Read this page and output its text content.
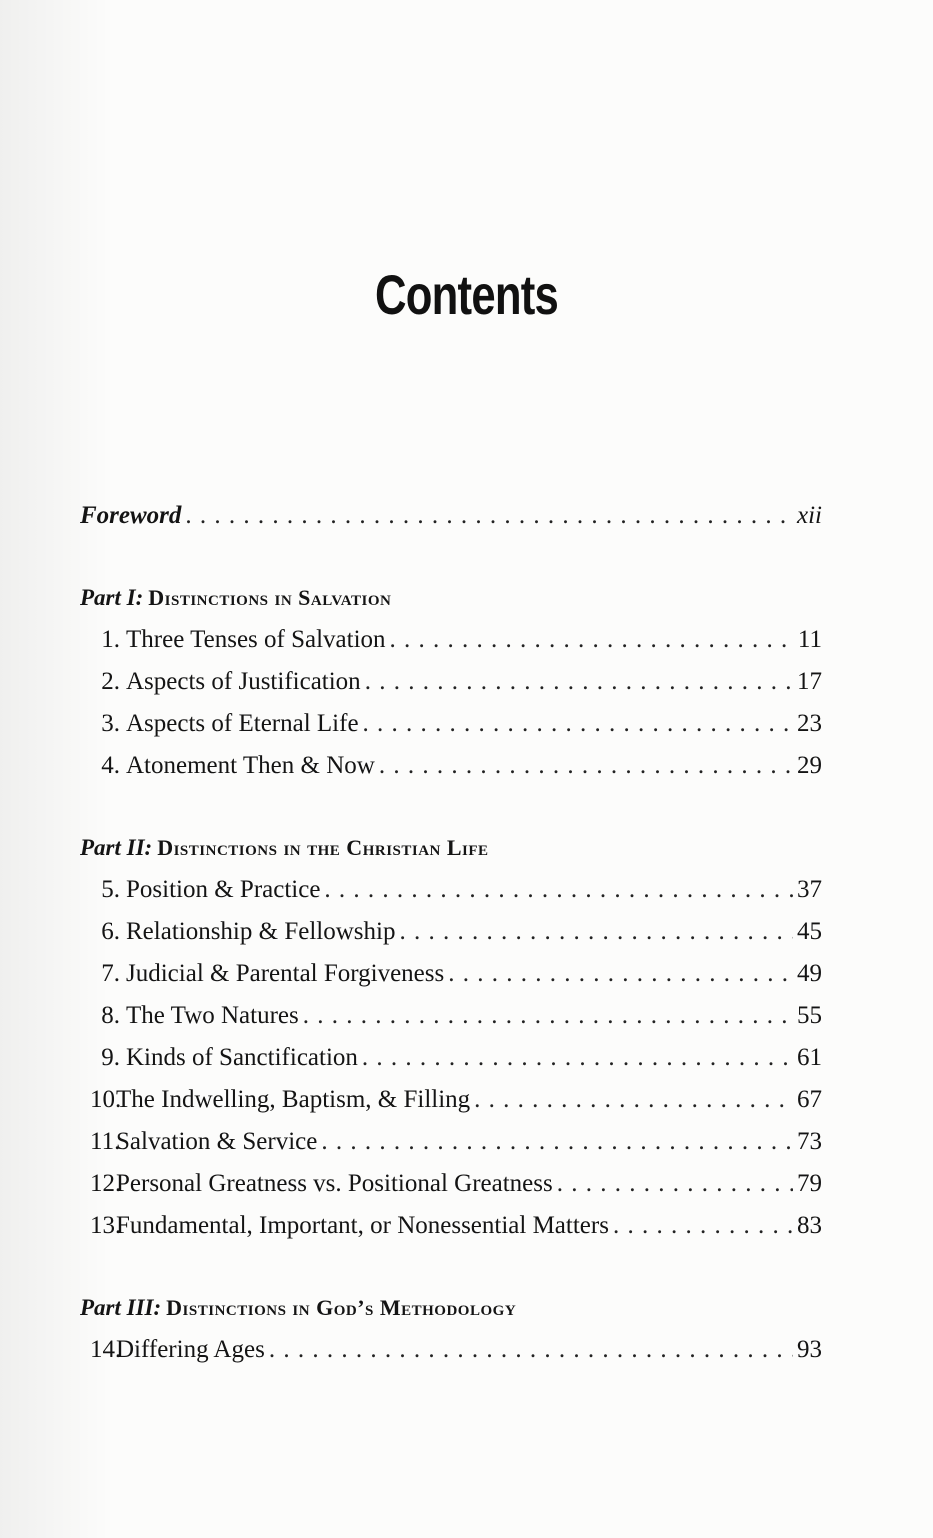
Contents
Foreword . . .	xii
Part I: Distinctions in Salvation
1. Three Tenses of Salvation . . .	11
2. Aspects of Justification . . .	17
3. Aspects of Eternal Life . . .	23
4. Atonement Then & Now . . .	29
Part II: Distinctions in the Christian Life
5. Position & Practice . . .	37
6. Relationship & Fellowship . . .	45
7. Judicial & Parental Forgiveness . . .	49
8. The Two Natures . . .	55
9. Kinds of Sanctification . . .	61
10.The Indwelling, Baptism, & Filling . . .	67
11.Salvation & Service . . .	73
12.Personal Greatness vs. Positional Greatness . . .	79
13.Fundamental, Important, or Nonessential Matters . . .	83
Part III: Distinctions in God’s Methodology
14.Differing Ages . . .	93
